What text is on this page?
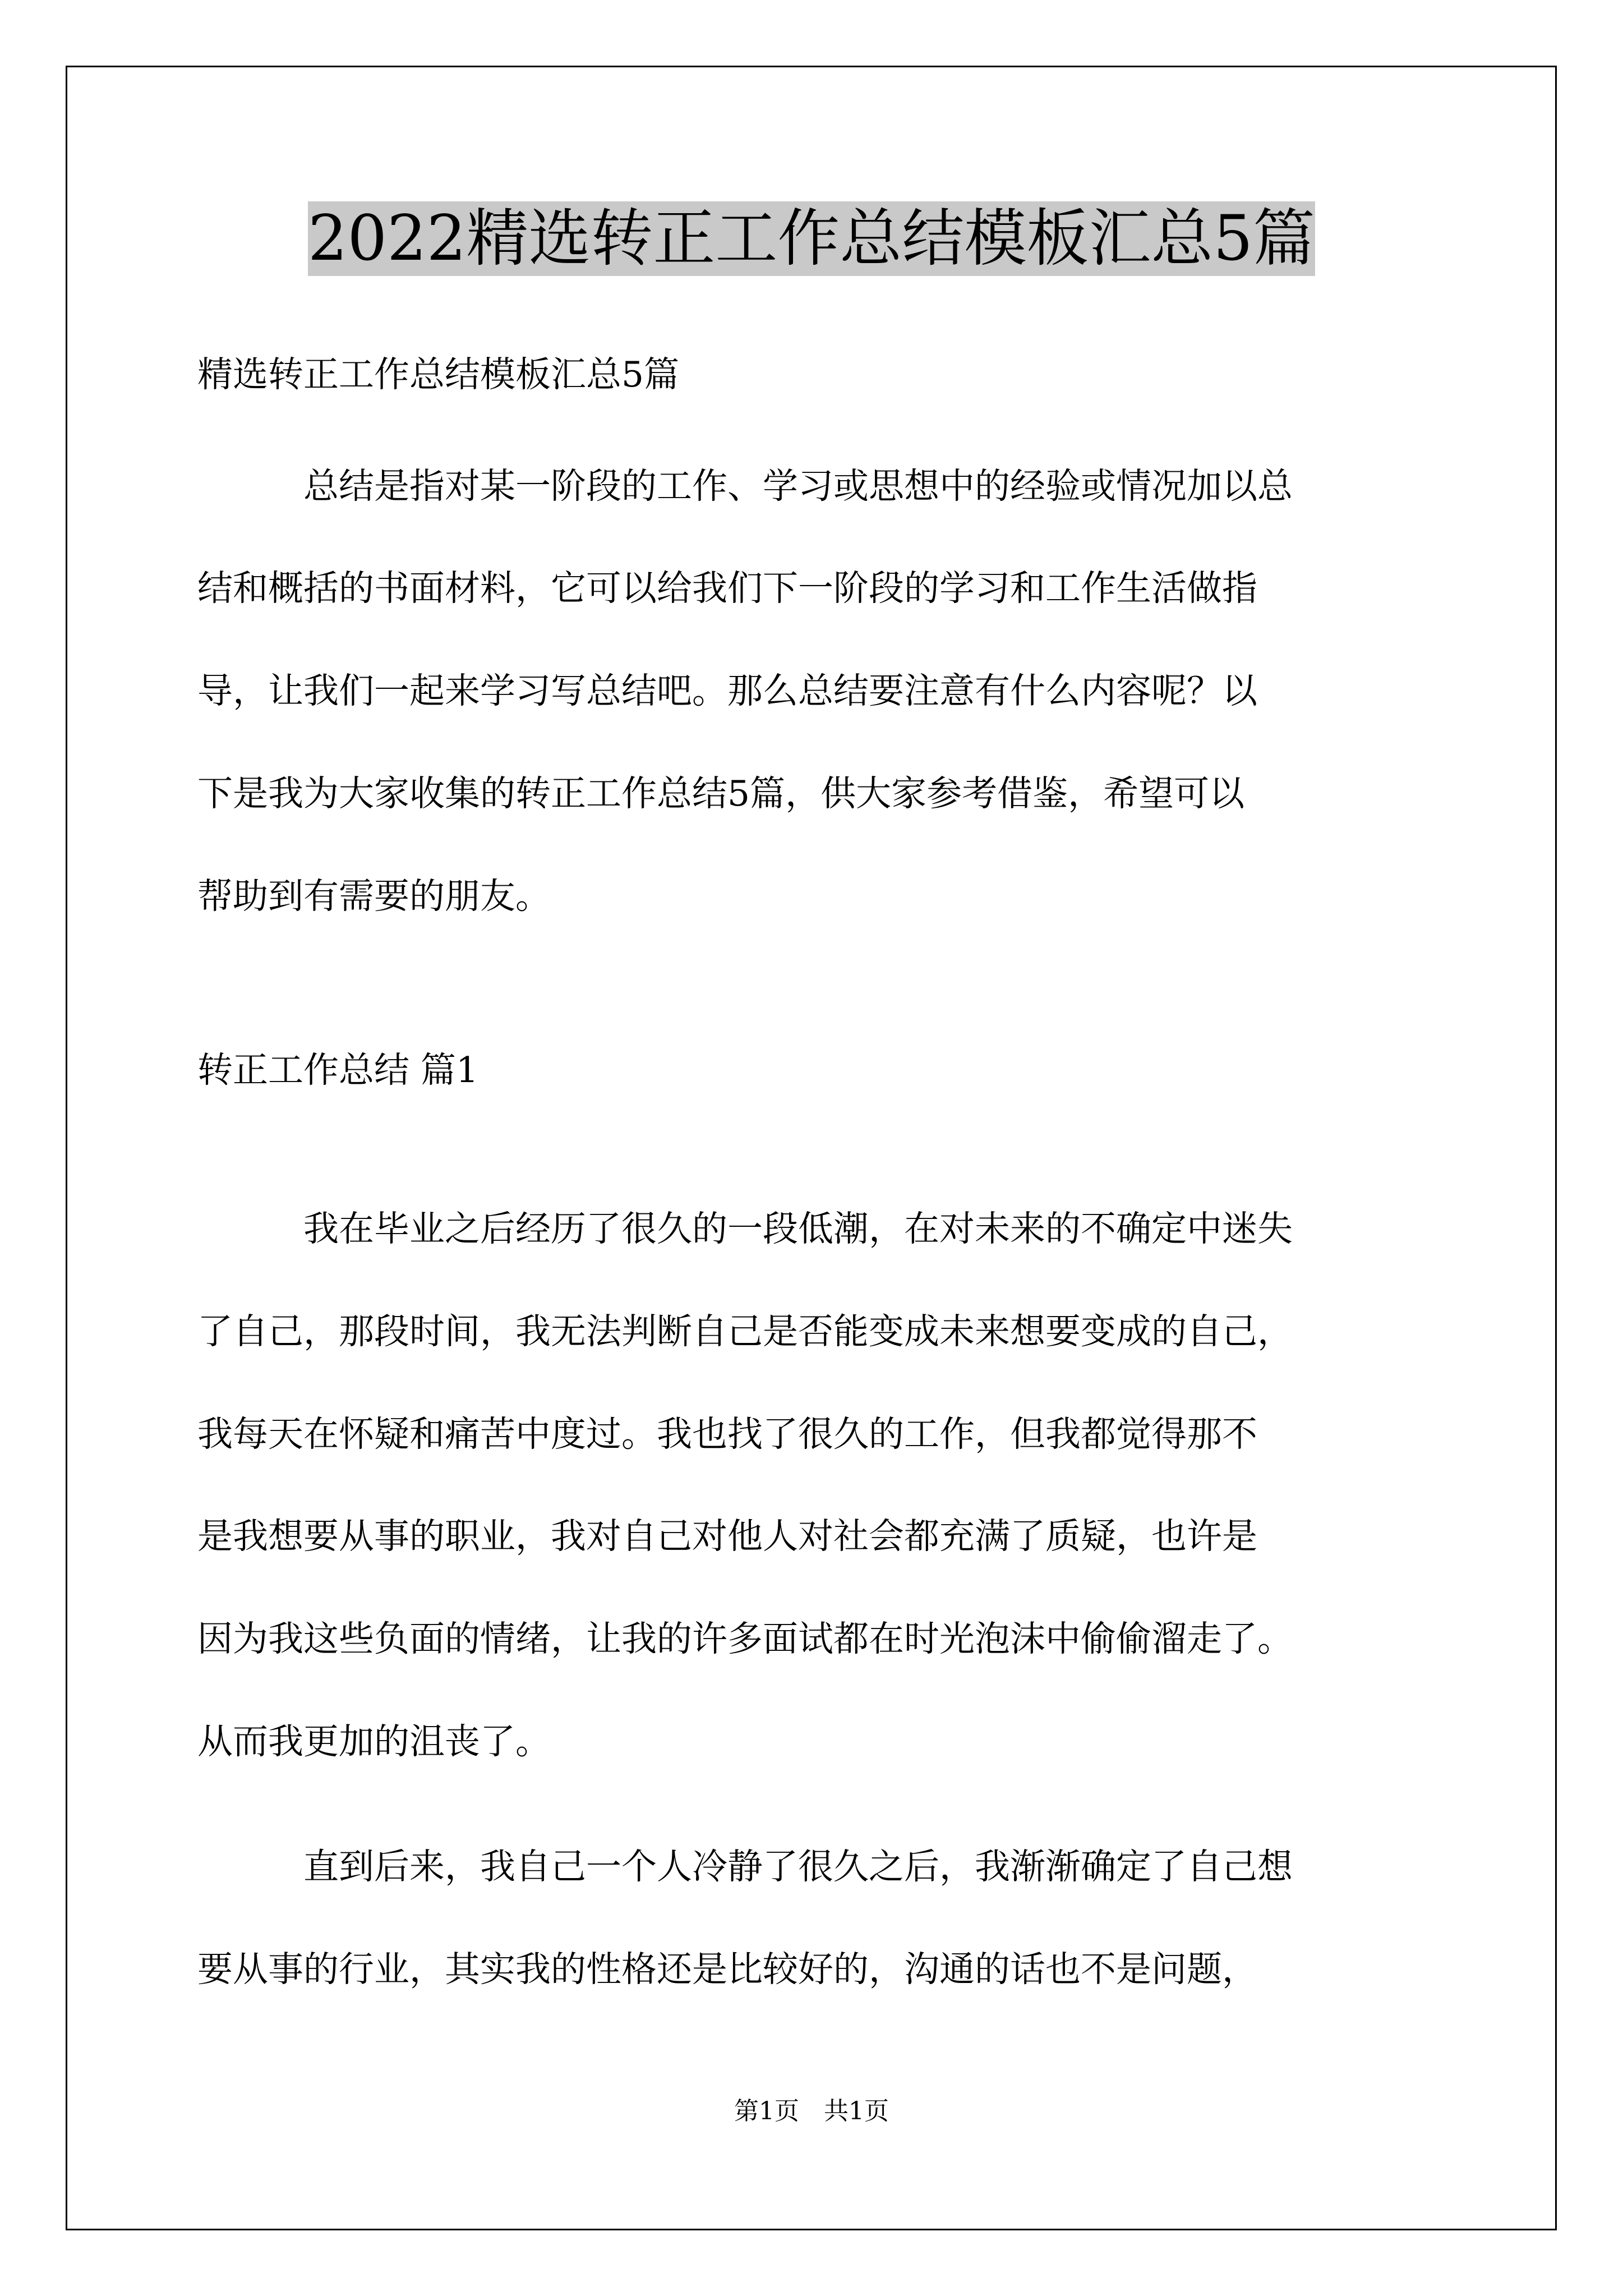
2022精选转正工作总结模板汇总5篇

精选转正工作总结模板汇总5篇

　　　总结是指对某一阶段的工作、学习或思想中的经验或情况加以总

结和概括的书面材料，它可以给我们下一阶段的学习和工作生活做指

导，让我们一起来学习写总结吧。那么总结要注意有什么内容呢？以

下是我为大家收集的转正工作总结5篇，供大家参考借鉴，希望可以

帮助到有需要的朋友。

转正工作总结 篇1

　　　我在毕业之后经历了很久的一段低潮，在对未来的不确定中迷失

了自己，那段时间，我无法判断自己是否能变成未来想要变成的自己，

我每天在怀疑和痛苦中度过。我也找了很久的工作，但我都觉得那不

是我想要从事的职业，我对自己对他人对社会都充满了质疑，也许是

因为我这些负面的情绪，让我的许多面试都在时光泡沫中偷偷溜走了。

从而我更加的沮丧了。

　　　直到后来，我自己一个人冷静了很久之后，我渐渐确定了自己想

要从事的行业，其实我的性格还是比较好的，沟通的话也不是问题，

第1页　共1页
